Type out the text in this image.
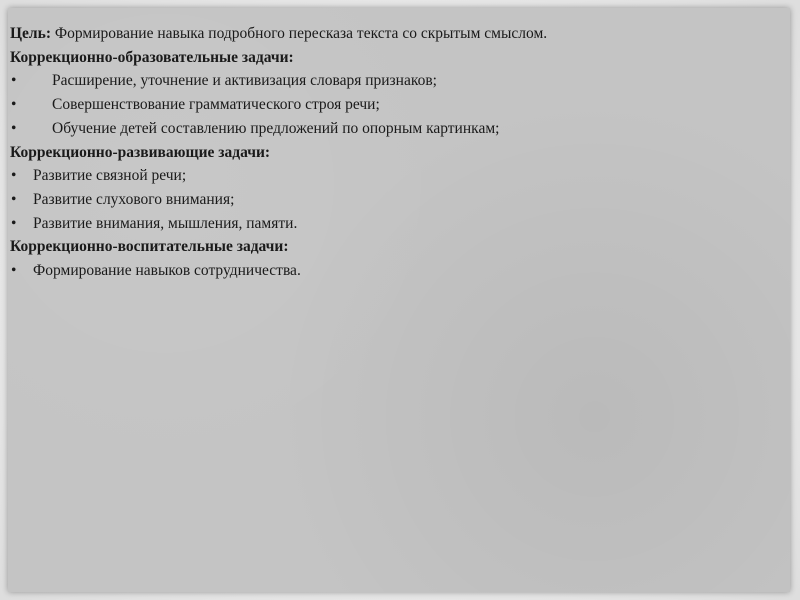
Цель: Формирование навыка подробного пересказа текста со скрытым смыслом.
Коррекционно-образовательные задачи:
•	Расширение, уточнение и активизация словаря признаков;
•	Совершенствование грамматического строя речи;
•	Обучение детей составлению предложений по опорным картинкам;
Коррекционно-развивающие задачи:
•	Развитие связной речи;
•	Развитие слухового внимания;
•	Развитие внимания, мышления, памяти.
Коррекционно-воспитательные задачи:
•	Формирование навыков сотрудничества.
